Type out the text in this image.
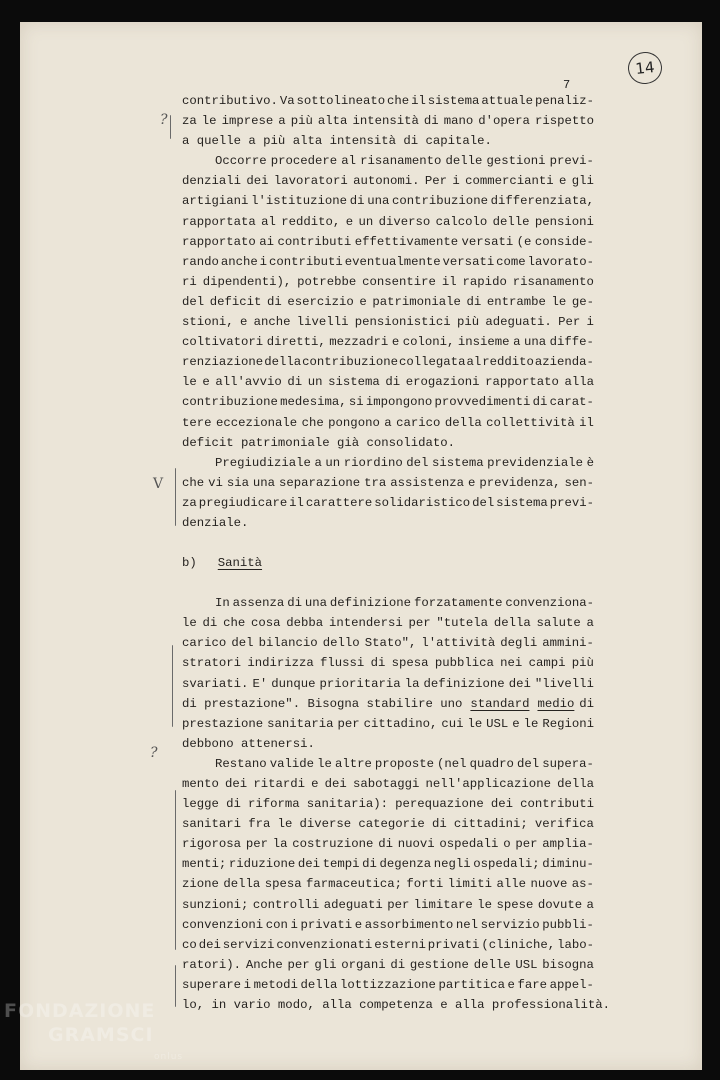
7
14
?
V
?
contributivo. Va sottolineato che il sistema attuale penaliz-
za le imprese a più alta intensità di mano d'opera rispetto
a quelle a più alta intensità di capitale.
Occorre procedere al risanamento delle gestioni previ-
denziali dei lavoratori autonomi. Per i commercianti e gli
artigiani l'istituzione di una contribuzione differenziata,
rapportata al reddito, e un diverso calcolo delle pensioni
rapportato ai contributi effettivamente versati (e conside-
rando anche i contributi eventualmente versati come lavorato-
ri dipendenti), potrebbe consentire il rapido risanamento
del deficit di esercizio e patrimoniale di entrambe le ge-
stioni, e anche livelli pensionistici più adeguati. Per i
coltivatori diretti, mezzadri e coloni, insieme a una diffe-
renziazione della contribuzione collegata al reddito azienda-
le e all'avvio di un sistema di erogazioni rapportato alla
contribuzione medesima, si impongono provvedimenti di carat-
tere eccezionale che pongono a carico della collettività il
deficit patrimoniale già consolidato.
Pregiudiziale a un riordino del sistema previdenziale è
che vi sia una separazione tra assistenza e previdenza, sen-
za pregiudicare il carattere solidaristico del sistema previ-
denziale.
b) Sanità
In assenza di una definizione forzatamente convenziona-
le di che cosa debba intendersi per "tutela della salute a
carico del bilancio dello Stato", l'attività degli ammini-
stratori indirizza flussi di spesa pubblica nei campi più
svariati. E' dunque prioritaria la definizione dei "livelli
di prestazione". Bisogna stabilire uno standard medio di
prestazione sanitaria per cittadino, cui le USL e le Regioni
debbono attenersi.
Restano valide le altre proposte (nel quadro del supera-
mento dei ritardi e dei sabotaggi nell'applicazione della
legge di riforma sanitaria): perequazione dei contributi
sanitari fra le diverse categorie di cittadini; verifica
rigorosa per la costruzione di nuovi ospedali o per amplia-
menti; riduzione dei tempi di degenza negli ospedali; diminu-
zione della spesa farmaceutica; forti limiti alle nuove as-
sunzioni; controlli adeguati per limitare le spese dovute a
convenzioni con i privati e assorbimento nel servizio pubbli-
co dei servizi convenzionati esterni privati (cliniche, labo-
ratori). Anche per gli organi di gestione delle USL bisogna
superare i metodi della lottizzazione partitica e fare appel-
lo, in vario modo, alla competenza e alla professionalità.
FONDAZIONE
GRAMSCI
onlus
